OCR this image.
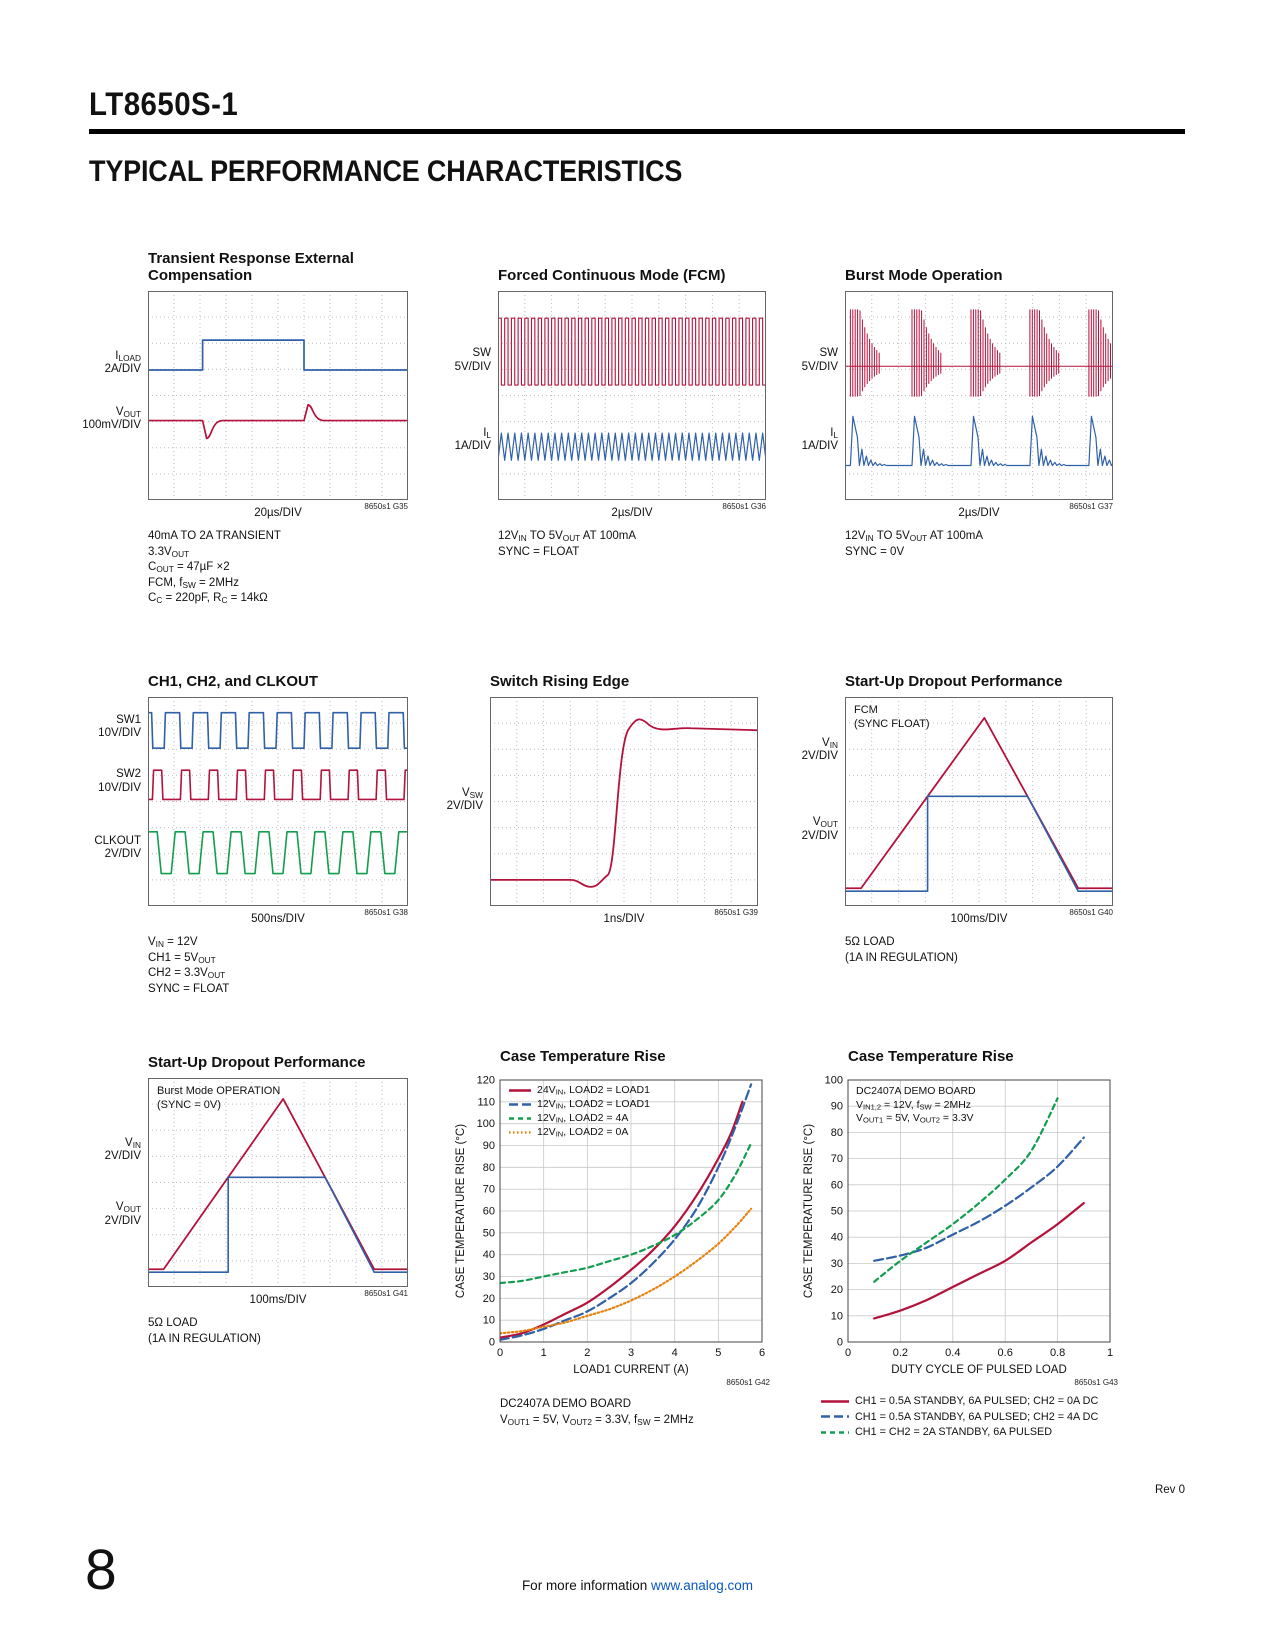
LT8650S-1
TYPICAL PERFORMANCE CHARACTERISTICS
Transient Response External
Compensation
8650s1 G35
$I_{LOAD}$
2A/DIV
$V_{OUT}$
100mV/DIV
20µs/DIV
40mA TO 2A TRANSIENT
$3.3V_{OUT}$
$C_{OUT} = 47\mu F \times 2$
FCM, $f_{SW} = 2MHz$
$C_C = 220pF$, $R_C = 14k\Omega$
Forced Continuous Mode (FCM)
8650s1 G36
SW
5V/DIV
$I_L$
1A/DIV
2µs/DIV
$12V_{IN}$ TO $5V_{OUT}$ AT 100mA
SYNC = FLOAT
Burst Mode Operation
8650s1 G37
SW
5V/DIV
$I_L$
1A/DIV
2µs/DIV
$12V_{IN}$ TO $5V_{OUT}$ AT 100mA
SYNC = 0V
CH1, CH2, and CLKOUT
8650s1 G38
SW1
10V/DIV
SW2
10V/DIV
CLKOUT
2V/DIV
500ns/DIV
$V_{IN} = 12V$
$CH1 = 5V_{OUT}$
$CH2 = 3.3V_{OUT}$
SYNC = FLOAT
Switch Rising Edge
8650s1 G39
$V_{SW}$
2V/DIV
1ns/DIV
Start-Up Dropout Performance
FCM
(SYNC FLOAT)
8650s1 G40
$V_{IN}$
2V/DIV
$V_{OUT}$
2V/DIV
100ms/DIV
5Ω LOAD
(1A IN REGULATION)
Start-Up Dropout Performance
Burst Mode OPERATION
(SYNC = 0V)
8650s1 G41
$V_{IN}$
2V/DIV
$V_{OUT}$
2V/DIV
100ms/DIV
5Ω LOAD
(1A IN REGULATION)
Case Temperature Rise
0	1	2	3	4	5	6
0
10
20
30
40
50
60
70
80
90
100
110
120
CASE TEMPERATURE RISE (°C)
$24V_{IN}$, LOAD2 = LOAD1
$12V_{IN}$, LOAD2 = LOAD1
$12V_{IN}$, LOAD2 = 4A
$12V_{IN}$, LOAD2 = 0A
LOAD1 CURRENT (A)
8650s1 G42
DC2407A DEMO BOARD
$V_{OUT1} = 5V$, $V_{OUT2} = 3.3V$, $f_{SW} = 2MHz$
Case Temperature Rise
0	0.2	0.4	0.6	0.8	1
0
10
20
30
40
50
60
70
80
90
100
CASE TEMPERATURE RISE (°C)
DC2407A DEMO BOARD
$V_{IN1,2} = 12V$, $f_{SW} = 2MHz$
$V_{OUT1} = 5V$, $V_{OUT2} = 3.3V$
DUTY CYCLE OF PULSED LOAD
8650s1 G43
CH1 = 0.5A STANDBY, 6A PULSED; CH2 = 0A DC
CH1 = 0.5A STANDBY, 6A PULSED; CH2 = 4A DC
CH1 = CH2 = 2A STANDBY, 6A PULSED
Rev 0
8	For more information www.analog.com
